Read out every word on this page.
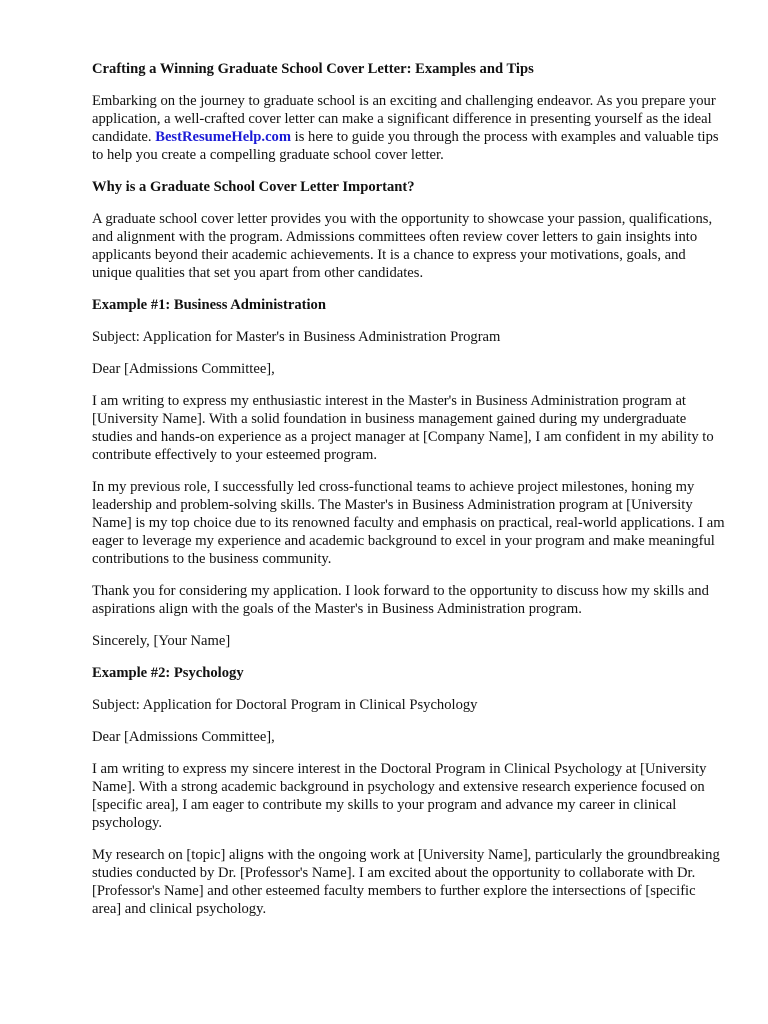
Crafting a Winning Graduate School Cover Letter: Examples and Tips

Embarking on the journey to graduate school is an exciting and challenging endeavor. As you prepare your application, a well-crafted cover letter can make a significant difference in presenting yourself as the ideal candidate. BestResumeHelp.com is here to guide you through the process with examples and valuable tips to help you create a compelling graduate school cover letter.

Why is a Graduate School Cover Letter Important?

A graduate school cover letter provides you with the opportunity to showcase your passion, qualifications, and alignment with the program. Admissions committees often review cover letters to gain insights into applicants beyond their academic achievements. It is a chance to express your motivations, goals, and unique qualities that set you apart from other candidates.

Example #1: Business Administration

Subject: Application for Master's in Business Administration Program

Dear [Admissions Committee],

I am writing to express my enthusiastic interest in the Master's in Business Administration program at [University Name]. With a solid foundation in business management gained during my undergraduate studies and hands-on experience as a project manager at [Company Name], I am confident in my ability to contribute effectively to your esteemed program.

In my previous role, I successfully led cross-functional teams to achieve project milestones, honing my leadership and problem-solving skills. The Master's in Business Administration program at [University Name] is my top choice due to its renowned faculty and emphasis on practical, real-world applications. I am eager to leverage my experience and academic background to excel in your program and make meaningful contributions to the business community.

Thank you for considering my application. I look forward to the opportunity to discuss how my skills and aspirations align with the goals of the Master's in Business Administration program.

Sincerely, [Your Name]

Example #2: Psychology

Subject: Application for Doctoral Program in Clinical Psychology

Dear [Admissions Committee],

I am writing to express my sincere interest in the Doctoral Program in Clinical Psychology at [University Name]. With a strong academic background in psychology and extensive research experience focused on [specific area], I am eager to contribute my skills to your program and advance my career in clinical psychology.

My research on [topic] aligns with the ongoing work at [University Name], particularly the groundbreaking studies conducted by Dr. [Professor's Name]. I am excited about the opportunity to collaborate with Dr. [Professor's Name] and other esteemed faculty members to further explore the intersections of [specific area] and clinical psychology.
